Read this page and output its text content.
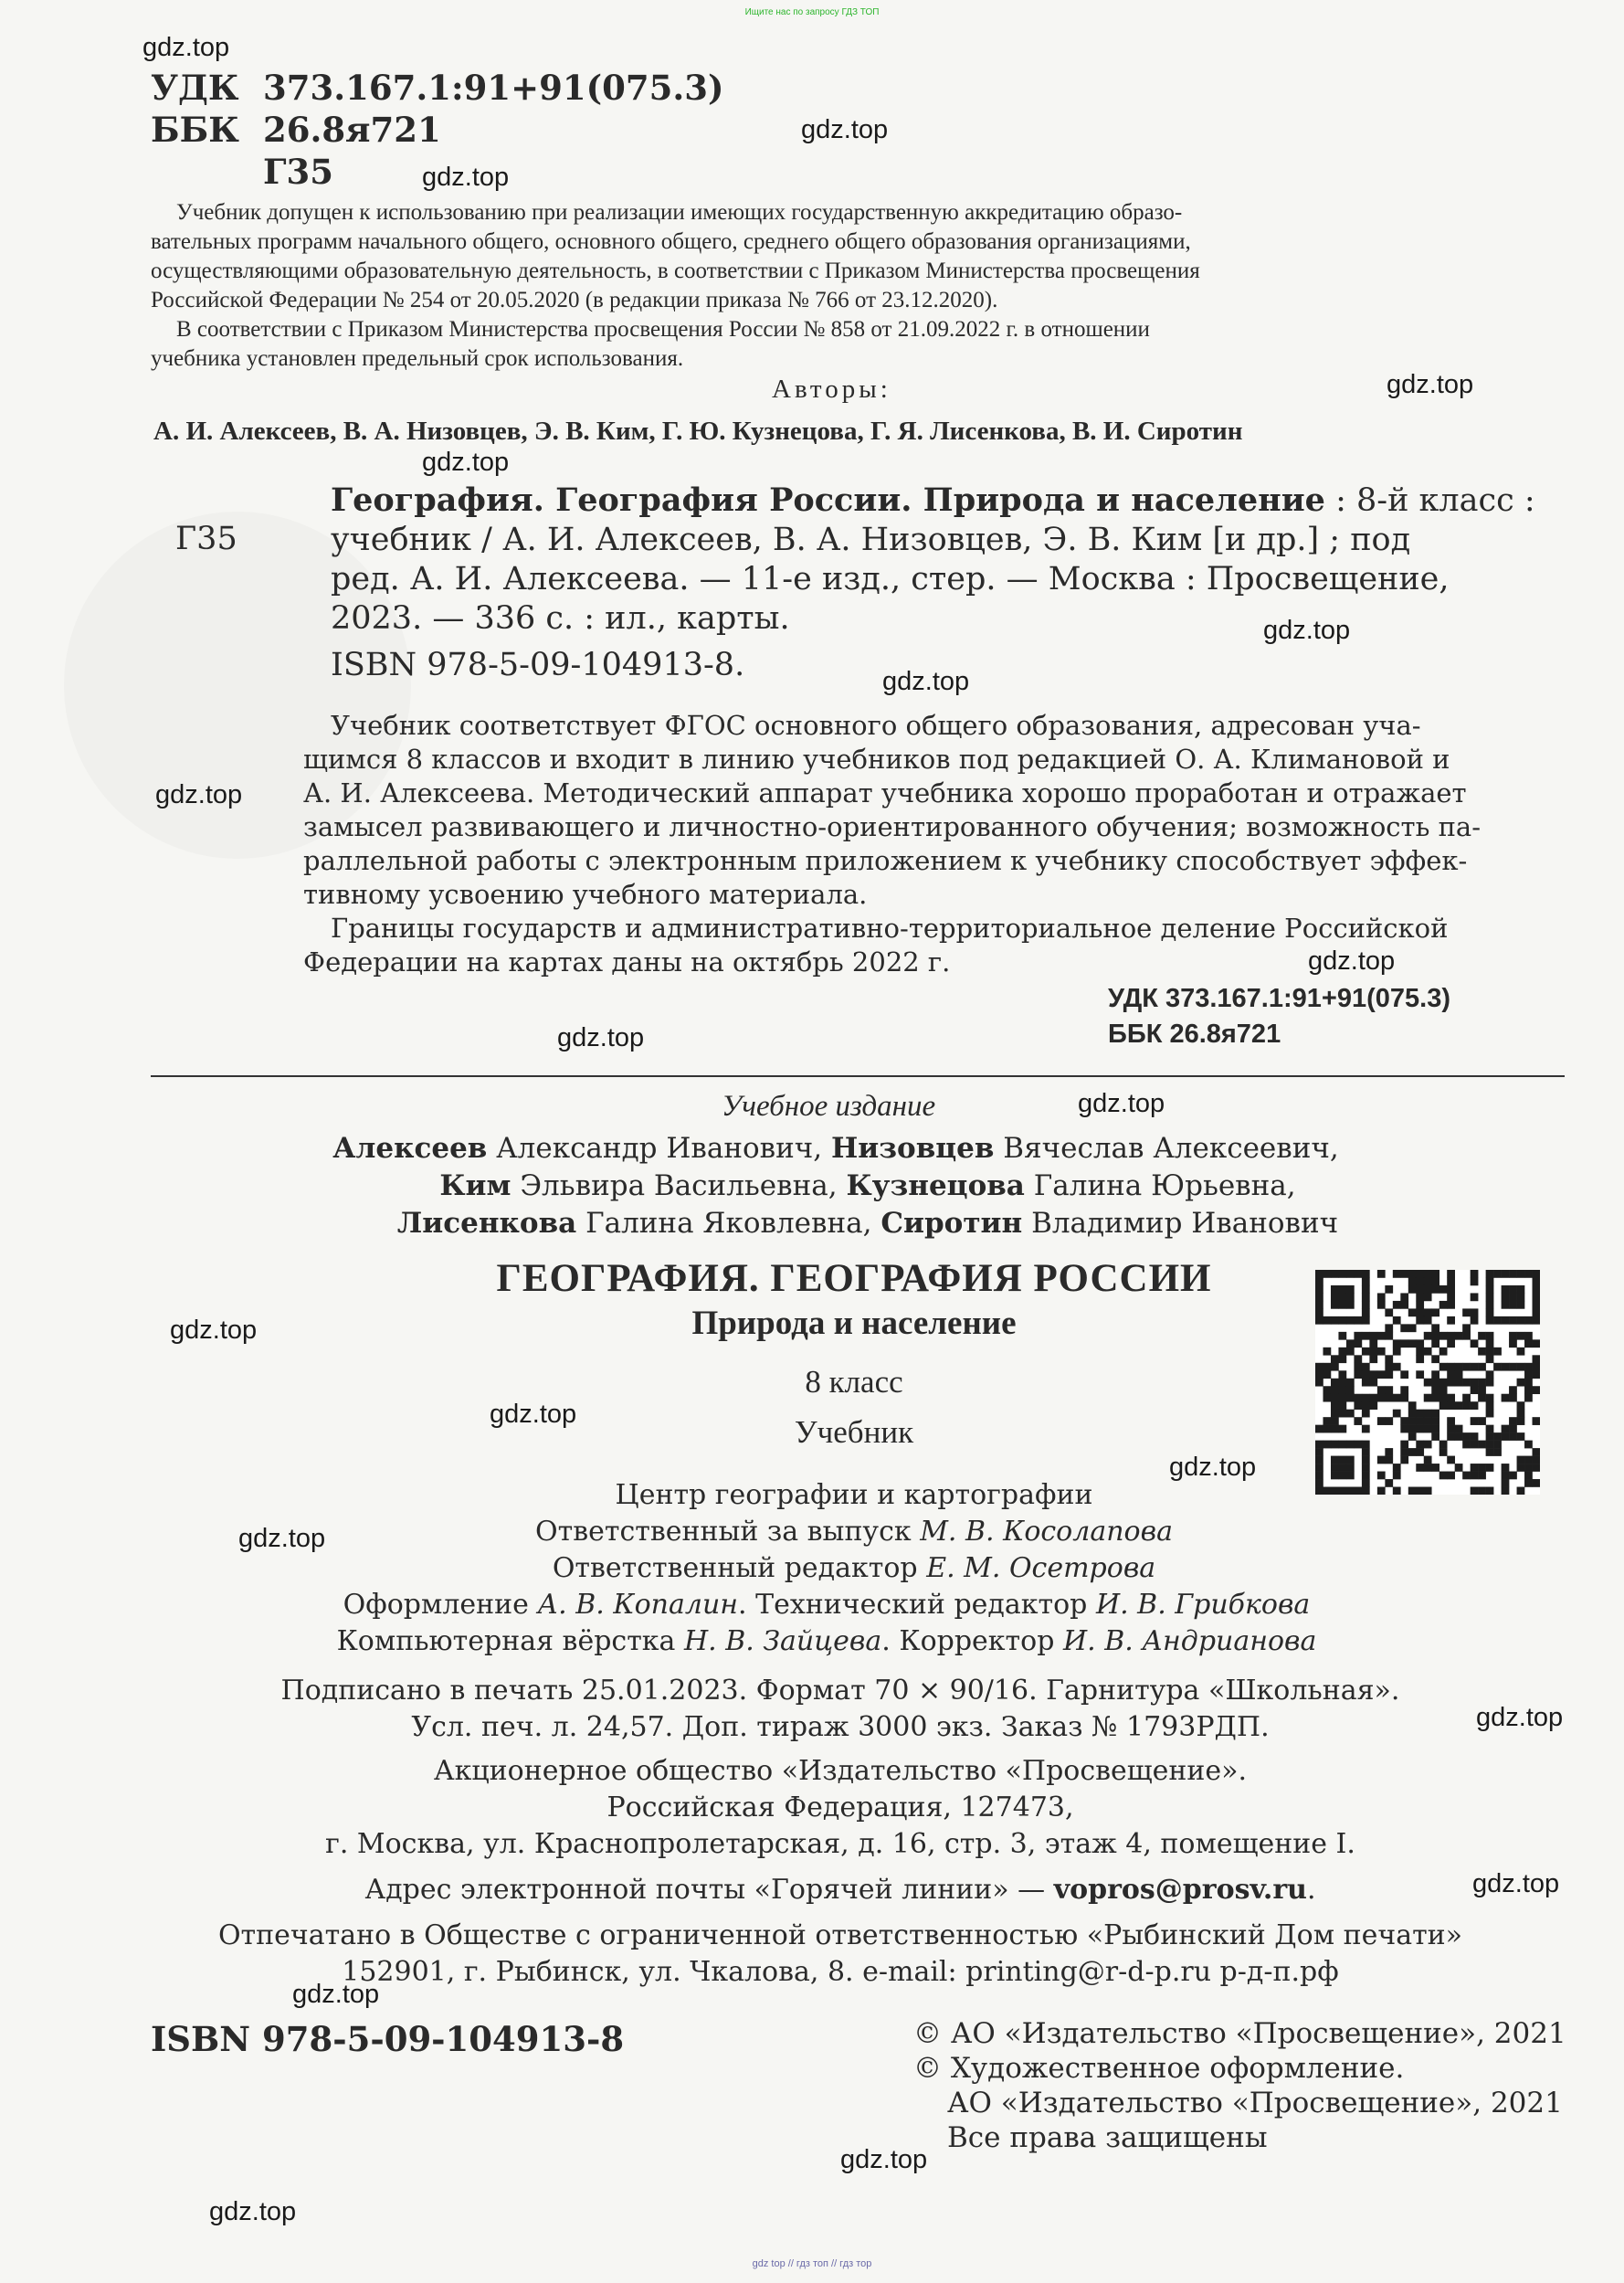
Ищите нас по запросу ГДЗ ТОП
УДК 373.167.1:91+91(075.3)
ББК 26.8я721
Г35
Учебник допущен к использованию при реализации имеющих государственную аккредитацию образо-
вательных программ начального общего, основного общего, среднего общего образования организациями,
осуществляющими образовательную деятельность, в соответствии с Приказом Министерства просвещения
Российской Федерации № 254 от 20.05.2020 (в редакции приказа № 766 от 23.12.2020).
В соответствии с Приказом Министерства просвещения России № 858 от 21.09.2022 г. в отношении
учебника установлен предельный срок использования.
Авторы:
А. И. Алексеев, В. А. Низовцев, Э. В. Ким, Г. Ю. Кузнецова, Г. Я. Лисенкова, В. И. Сиротин
Г35
География. География России. Природа и население : 8-й класс :
учебник / А. И. Алексеев, В. А. Низовцев, Э. В. Ким [и др.] ; под
ред. А. И. Алексеева. — 11-е изд., стер. — Москва : Просвещение,
2023. — 336 с. : ил., карты.
ISBN 978-5-09-104913-8.
Учебник соответствует ФГОС основного общего образования, адресован уча-
щимся 8 классов и входит в линию учебников под редакцией О. А. Климановой и
А. И. Алексеева. Методический аппарат учебника хорошо проработан и отражает
замысел развивающего и личностно-ориентированного обучения; возможность па-
раллельной работы с электронным приложением к учебнику способствует эффек-
тивному усвоению учебного материала.
Границы государств и административно-территориальное деление Российской
Федерации на картах даны на октябрь 2022 г.
УДК 373.167.1:91+91(075.3)
ББК 26.8я721
Учебное издание
Алексеев Александр Иванович, Низовцев Вячеслав Алексеевич,
Ким Эльвира Васильевна, Кузнецова Галина Юрьевна,
Лисенкова Галина Яковлевна, Сиротин Владимир Иванович
ГЕОГРАФИЯ. ГЕОГРАФИЯ РОССИИ
Природа и население
8 класс
Учебник
Центр географии и картографии
Ответственный за выпуск М. В. Косолапова
Ответственный редактор Е. М. Осетрова
Оформление А. В. Копалин. Технический редактор И. В. Грибкова
Компьютерная вёрстка Н. В. Зайцева. Корректор И. В. Андрианова
Подписано в печать 25.01.2023. Формат 70 × 90/16. Гарнитура «Школьная».
Усл. печ. л. 24,57. Доп. тираж 3000 экз. Заказ № 1793РДП.
Акционерное общество «Издательство «Просвещение».
Российская Федерация, 127473,
г. Москва, ул. Краснопролетарская, д. 16, стр. 3, этаж 4, помещение I.
Адрес электронной почты «Горячей линии» — vopros@prosv.ru.
Отпечатано в Обществе с ограниченной ответственностью «Рыбинский Дом печати»
152901, г. Рыбинск, ул. Чкалова, 8. e-mail: printing@r-d-p.ru р-д-п.рф
ISBN 978-5-09-104913-8	© АО «Издательство «Просвещение», 2021
© Художественное оформление.
АО «Издательство «Просвещение», 2021
Все права защищены
gdz.top
gdz.top
gdz.top
gdz.top
gdz.top
gdz.top
gdz.top
gdz.top
gdz.top
gdz.top
gdz.top
gdz.top
gdz.top
gdz.top
gdz.top
gdz.top
gdz.top
gdz.top
gdz.top
gdz.top
gdz top // гдз топ // гдз тор
